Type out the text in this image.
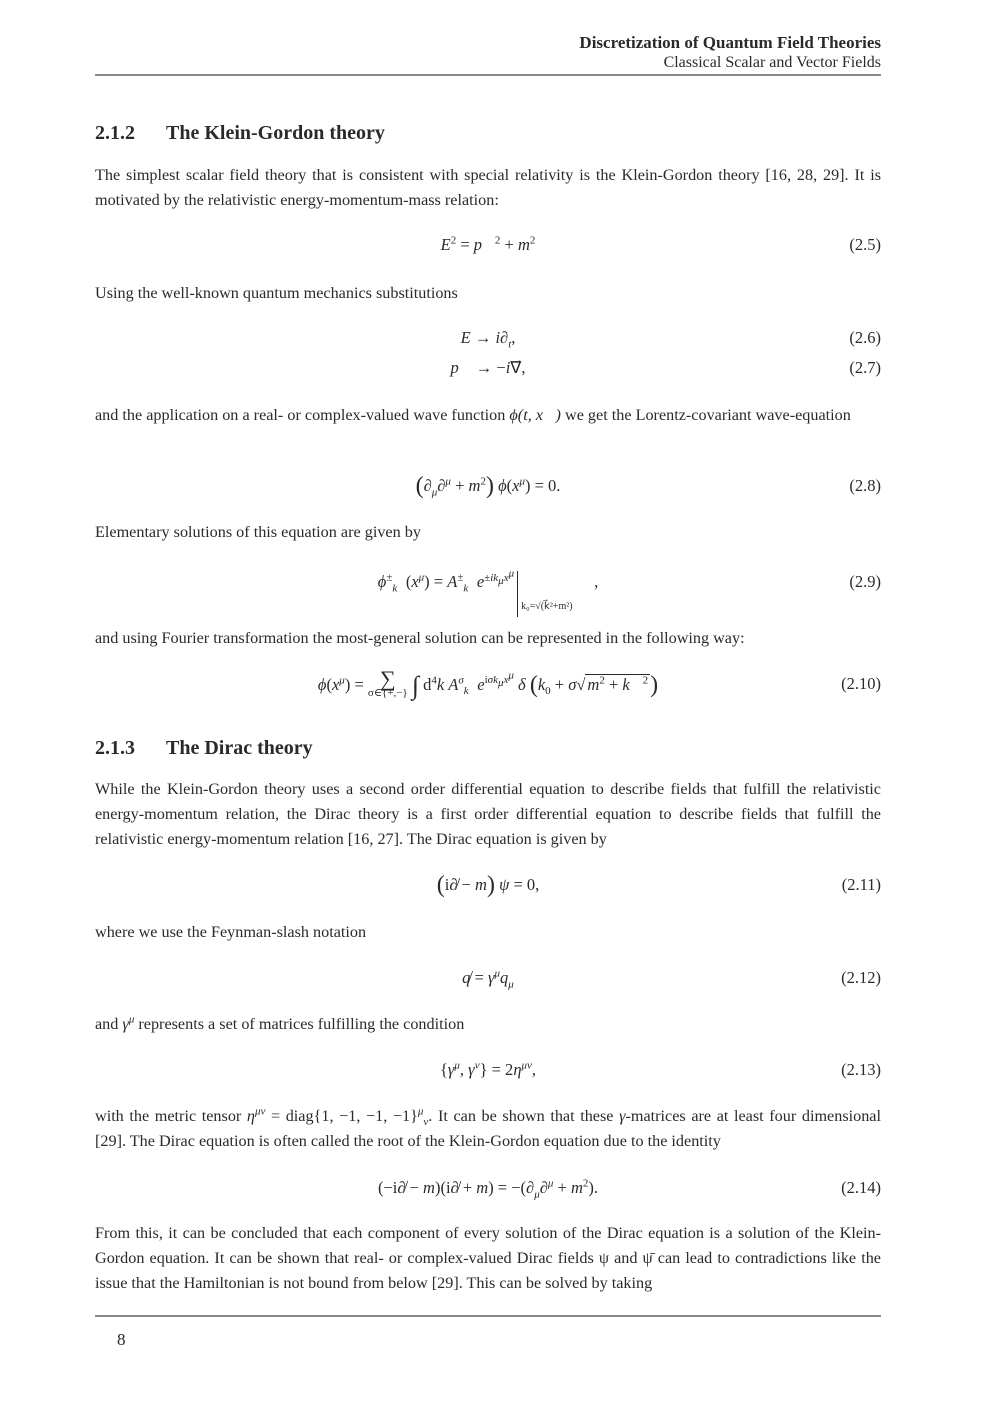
Discretization of Quantum Field Theories
Classical Scalar and Vector Fields
2.1.2 The Klein-Gordon theory
The simplest scalar field theory that is consistent with special relativity is the Klein-Gordon theory [16, 28, 29]. It is motivated by the relativistic energy-momentum-mass relation:
$E^2$ = p⃗$^2$ + $m^2$	(2.5)
Using the well-known quantum mechanics substitutions
$E \to i\partial_t$,	(2.6)
p⃗ → −i∇⃗,	(2.7)
and the application on a real- or complex-valued wave function ϕ(t, x⃗) we get the Lorentz-covariant wave-equation
$(\partial_\mu\partial^\mu + m^2) \phi(x^\mu) = 0$.	(2.8)
Elementary solutions of this equation are given by
$\phi^\pm_{k⃗}(x^\mu) = A^\pm_{k⃗}e^{\pm ik_\mu x^\mu}$
k₀=√(k⃗²+m²)
,	(2.9)
and using Fourier transformation the most-general solution can be represented in the following way:
$\phi(x^\mu)$ = ∑
σ∈{+,−} ∫ $d^4k$ $A^\sigma_{k⃗}e^{i\sigma k_\mu x^\mu}$ δ ($k_0 + \sigma√$ $m^2$ + k⃗$^2$)	(2.10)
2.1.3 The Dirac theory
While the Klein-Gordon theory uses a second order differential equation to describe fields that fulfill the relativistic energy-momentum relation, the Dirac theory is a first order differential equation to describe fields that fulfill the relativistic energy-momentum relation [16, 27]. The Dirac equation is given by
(i∂̸ − m) ψ = 0,	(2.11)
where we use the Feynman-slash notation
q̸ = $\gamma^\mu q_\mu$	(2.12)
and $\gamma^\mu$ represents a set of matrices fulfilling the condition
{$\gamma^\mu$, $\gamma^\nu\} = 2\eta^{\mu\nu}$,	(2.13)
with the metric tensor $\eta^{\mu\nu}$ = diag{1, −1, −1, −1}$^\mu_\nu$. It can be shown that these γ-matrices are at least four dimensional [29]. The Dirac equation is often called the root of the Klein-Gordon equation due to the identity
(−i∂̸ − m)(i∂̸ + $m) = -(\partial_\mu\partial^\mu + m^2)$.	(2.14)
From this, it can be concluded that each component of every solution of the Dirac equation is a solution of the Klein-Gordon equation. It can be shown that real- or complex-valued Dirac fields ψ and ψ̄ can lead to contradictions like the issue that the Hamiltonian is not bound from below [29]. This can be solved by taking
8
